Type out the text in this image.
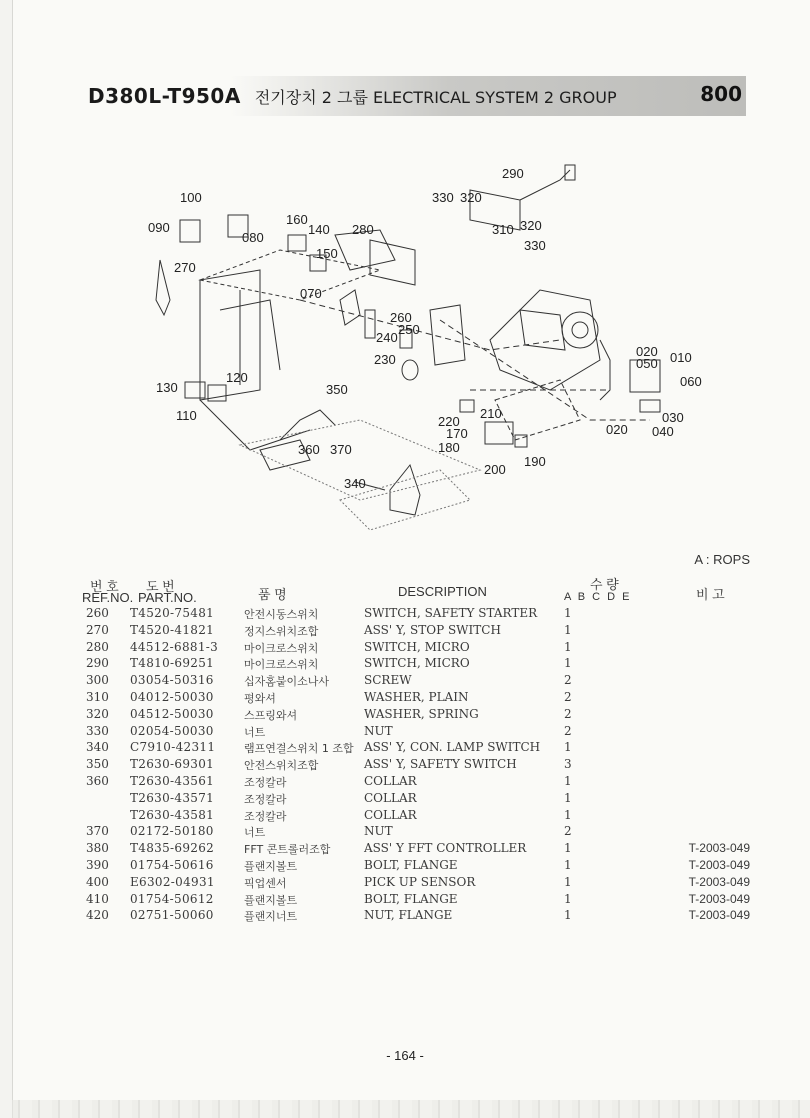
D380L-T950A 전기장치 2 그룹 ELECTRICAL SYSTEM 2 GROUP	800
290
330 320
100
090
160
140 280
080
310 320
330
270
150
070
260
250
240
230
020
050 010
060
120
130
110
350
220
210
170
030
020 040
180
190
200
360 370
340
A : ROPS
번 호
REF.NO.
도 번
PART.NO.	품 명	DESCRIPTION	수 량
A B C D E	비 고
260 T4520-75481	안전시동스위치	SWITCH, SAFETY STARTER 1
270 T4520-41821	정지스위치조합	ASS' Y, STOP SWITCH	1
280 44512-6881-3 마이크로스위치	SWITCH, MICRO	1
290 T4810-69251	마이크로스위치	SWITCH, MICRO	1
300 03054-50316	십자홈붙이소나사	SCREW	2
310 04012-50030	평와셔	WASHER, PLAIN	2
320 04512-50030	스프링와셔	WASHER, SPRING	2
330 02054-50030	너트	NUT	2
340 C7910-42311	램프연결스위치 1 조합 ASS' Y, CON. LAMP SWITCH 1
350 T2630-69301	안전스위치조합	ASS' Y, SAFETY SWITCH	3
360 T2630-43561	조정칼라	COLLAR	1
T2630-43571	조정칼라	COLLAR	1
T2630-43581	조정칼라	COLLAR	1
370 02172-50180	너트	NUT	2
380 T4835-69262	FFT 콘트롤러조합	ASS' Y FFT CONTROLLER	1	T-2003-049
390 01754-50616	플랜지볼트	BOLT, FLANGE	1	T-2003-049
400 E6302-04931	픽업센서	PICK UP SENSOR	1	T-2003-049
410 01754-50612	플랜지볼트	BOLT, FLANGE	1	T-2003-049
420 02751-50060	플랜지너트	NUT, FLANGE	1	T-2003-049
- 164 -
